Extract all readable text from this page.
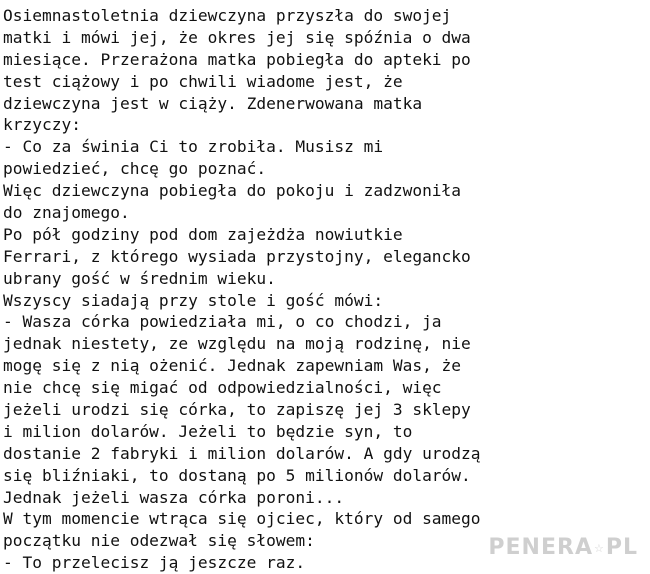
Osiemnastoletnia dziewczyna przyszła do swojej
matki i mówi jej, że okres jej się spóźnia o dwa
miesiące. Przerażona matka pobiegła do apteki po
test ciążowy i po chwili wiadome jest, że
dziewczyna jest w ciąży. Zdenerwowana matka
krzyczy:
- Co za świnia Ci to zrobiła. Musisz mi
powiedzieć, chcę go poznać.
Więc dziewczyna pobiegła do pokoju i zadzwoniła
do znajomego.
Po pół godziny pod dom zajeżdża nowiutkie
Ferrari, z którego wysiada przystojny, elegancko
ubrany gość w średnim wieku.
Wszyscy siadają przy stole i gość mówi:
- Wasza córka powiedziała mi, o co chodzi, ja
jednak niestety, ze względu na moją rodzinę, nie
mogę się z nią ożenić. Jednak zapewniam Was, że
nie chcę się migać od odpowiedzialności, więc
jeżeli urodzi się córka, to zapiszę jej 3 sklepy
i milion dolarów. Jeżeli to będzie syn, to
dostanie 2 fabryki i milion dolarów. A gdy urodzą
się bliźniaki, to dostaną po 5 milionów dolarów.
Jednak jeżeli wasza córka poroni...
W tym momencie wtrąca się ojciec, który od samego
początku nie odezwał się słowem:
- To przelecisz ją jeszcze raz.
PENERA☆PL
